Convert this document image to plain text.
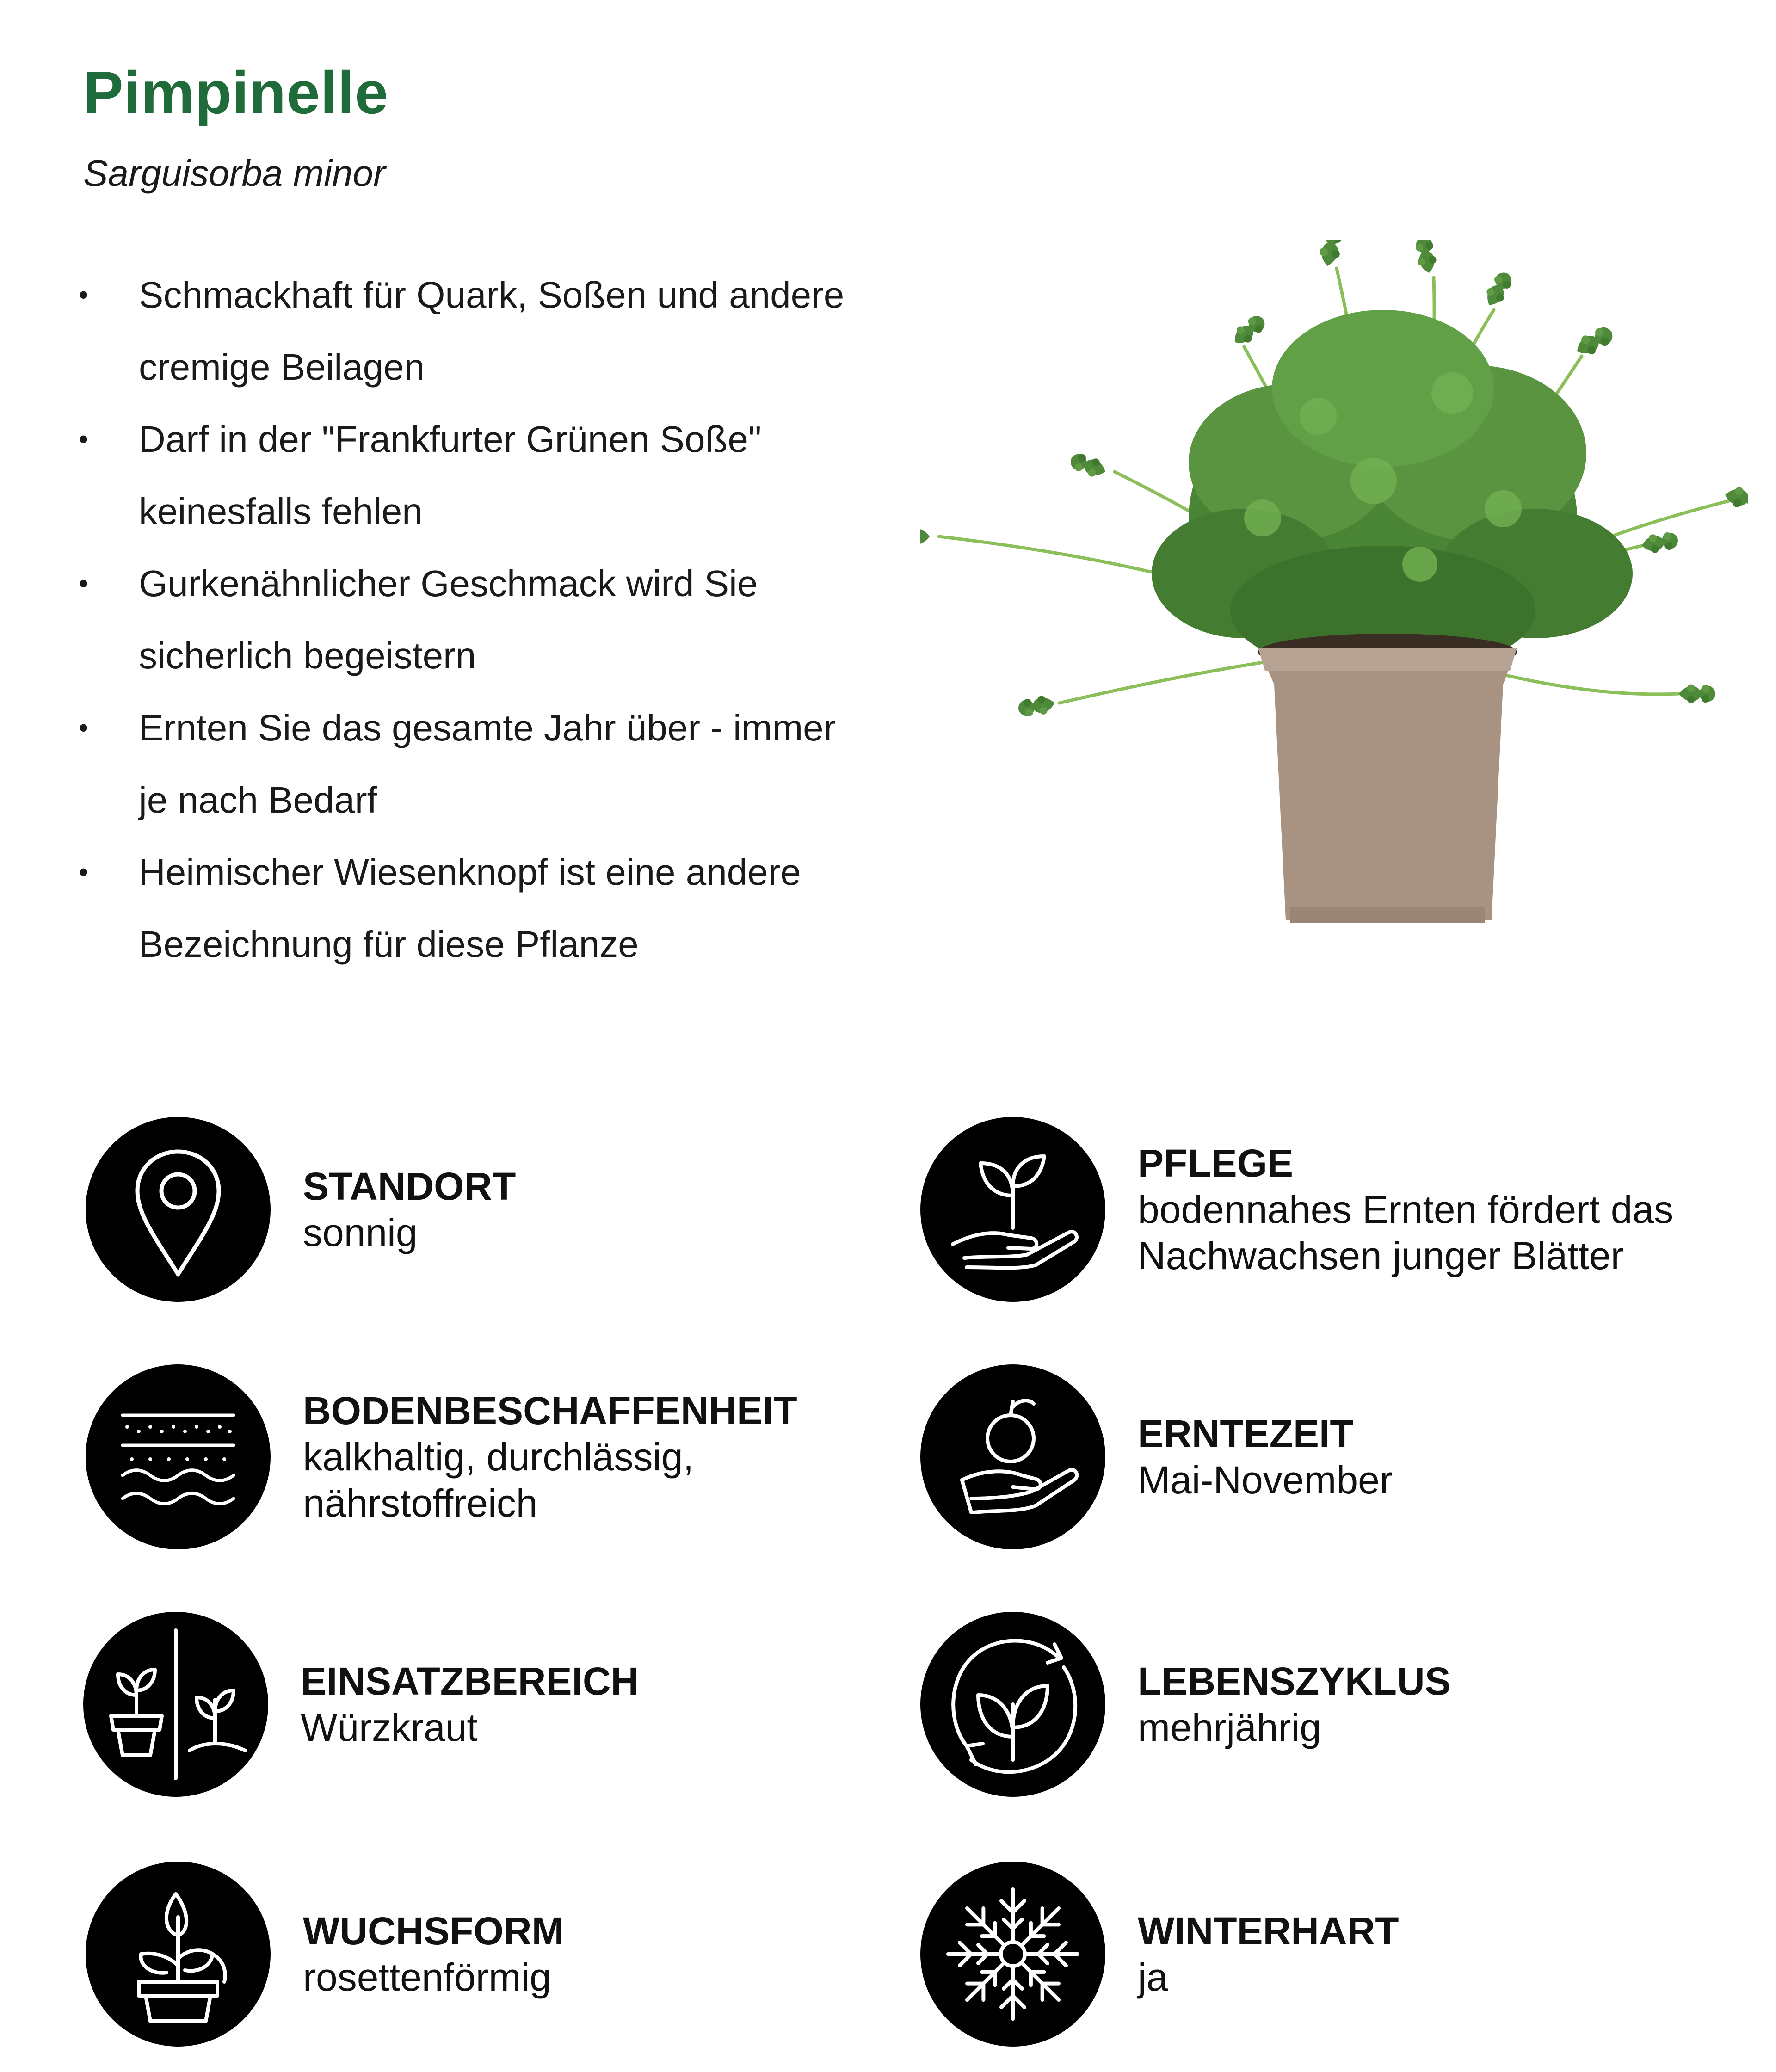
Pimpinelle
Sarguisorba minor
• Schmackhaft für Quark, Soßen und andere
cremige Beilagen
• Darf in der "Frankfurter Grünen Soße"
keinesfalls fehlen
• Gurkenähnlicher Geschmack wird Sie
sicherlich begeistern
• Ernten Sie das gesamte Jahr über - immer
je nach Bedarf
• Heimischer Wiesenknopf ist eine andere
Bezeichnung für diese Pflanze
STANDORT
sonnig
PFLEGE
bodennahes Ernten fördert das
Nachwachsen junger Blätter
BODENBESCHAFFENHEIT
kalkhaltig, durchlässig,
nährstoffreich
ERNTEZEIT
Mai-November
EINSATZBEREICH
Würzkraut
LEBENSZYKLUS
mehrjährig
WUCHSFORM
rosettenförmig
WINTERHART
ja
